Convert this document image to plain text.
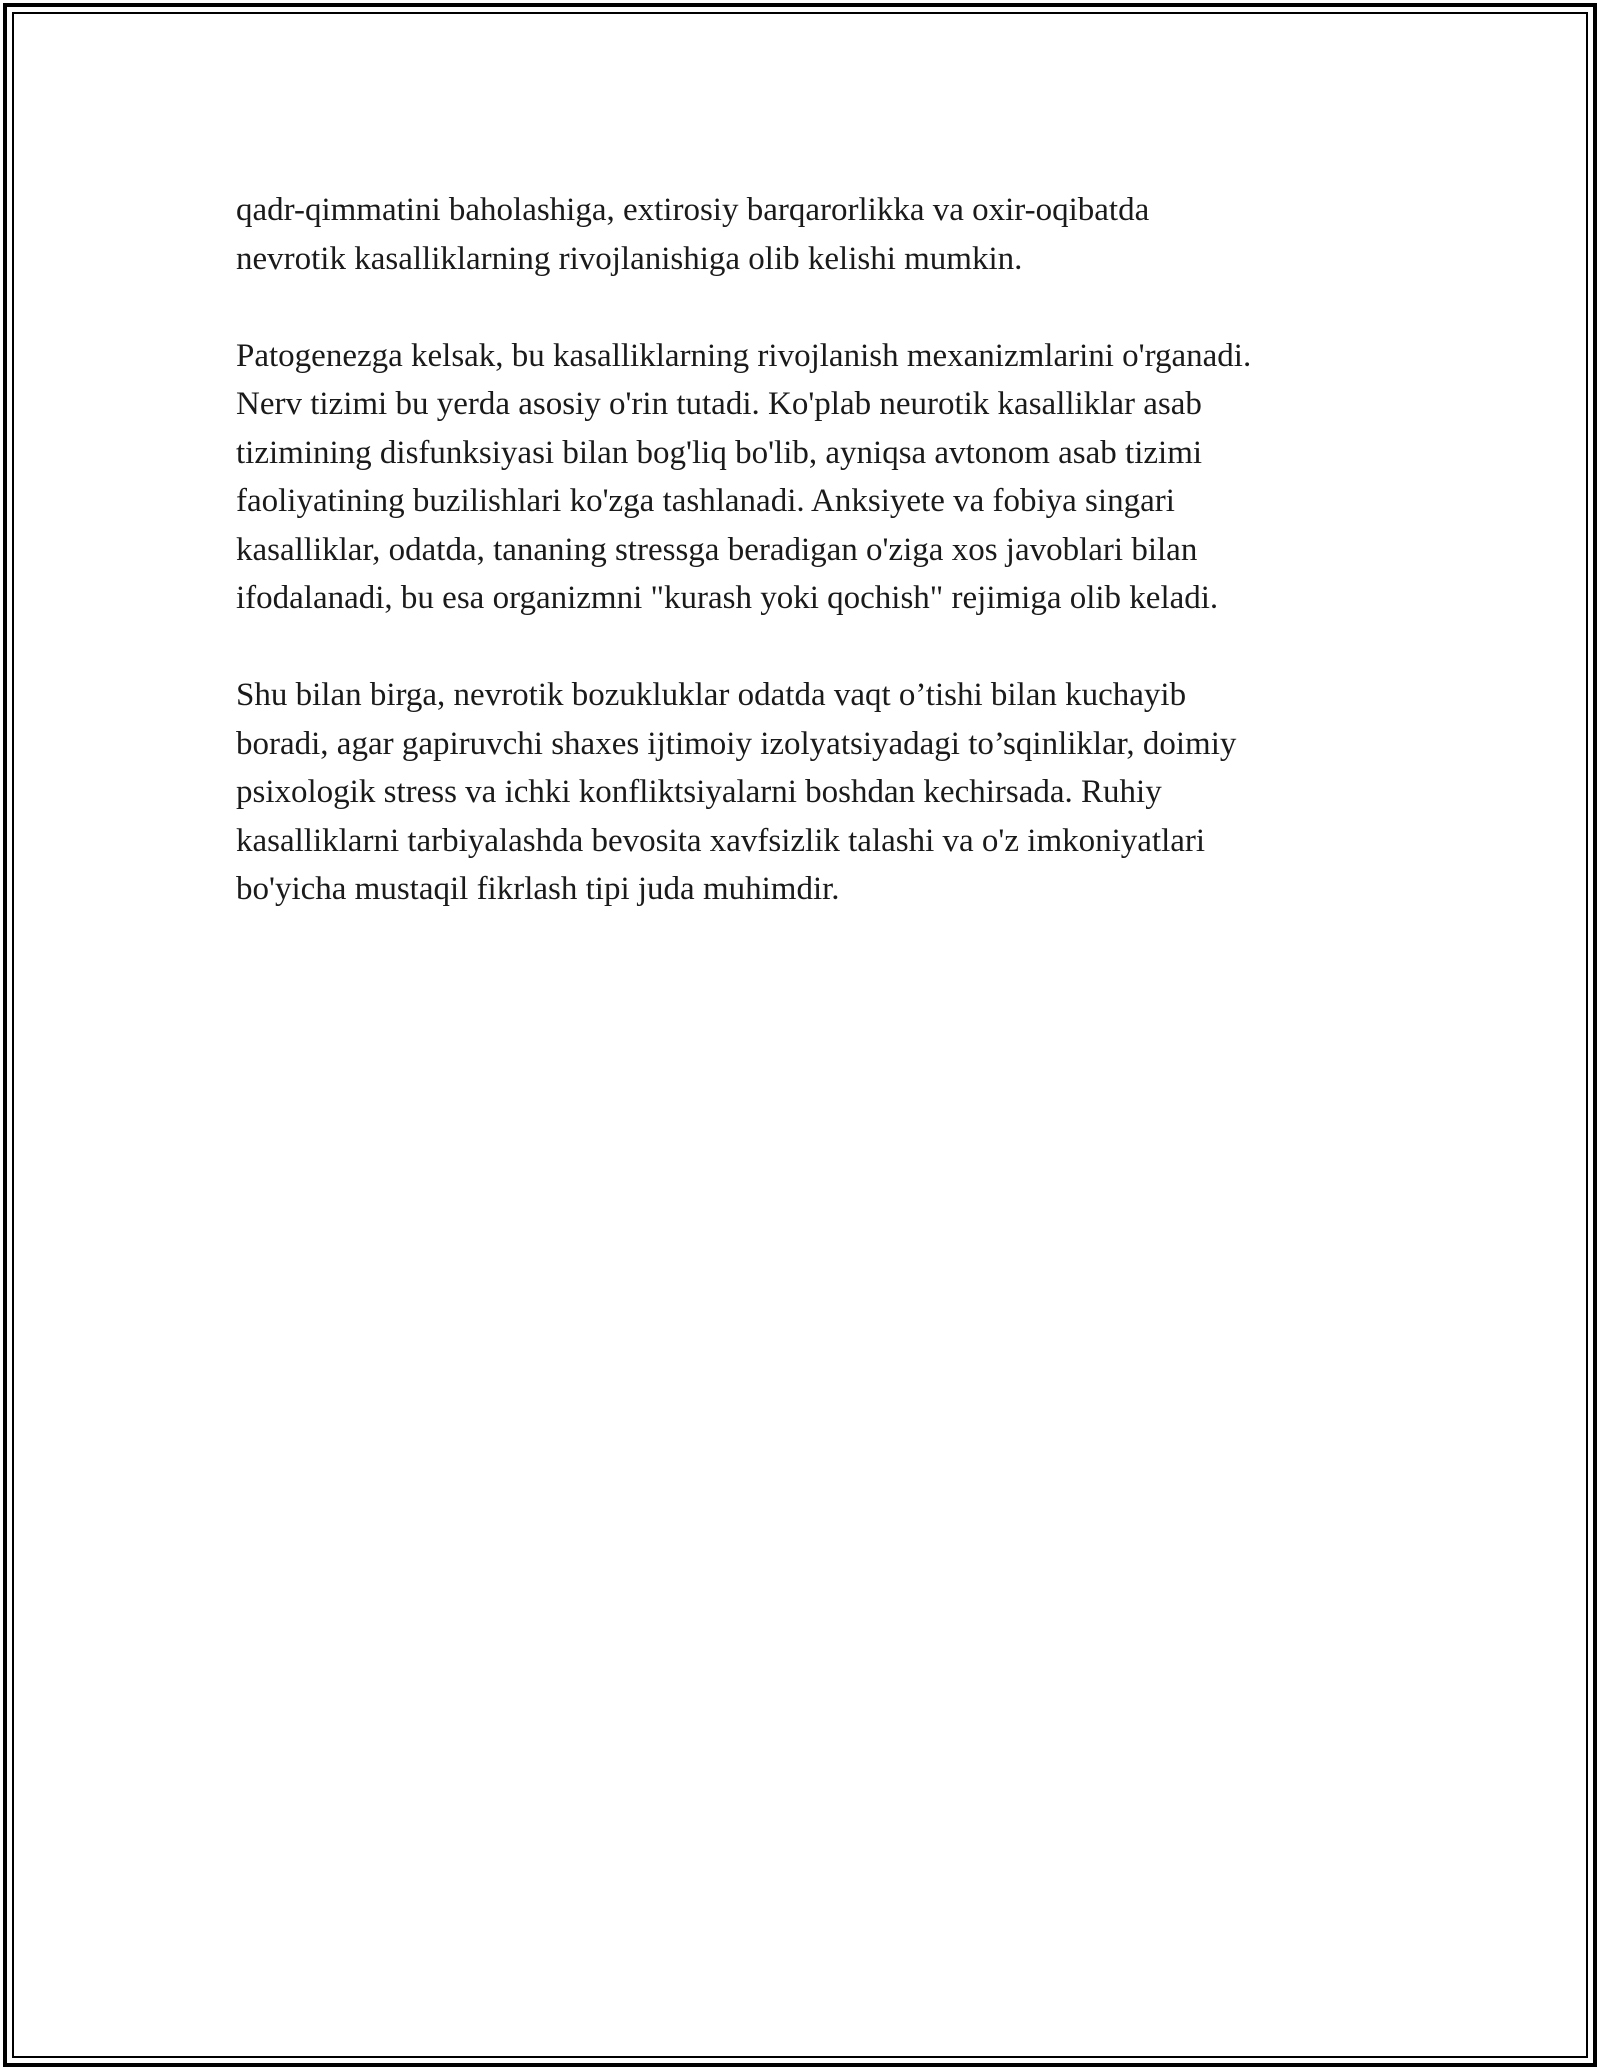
qadr-qimmatini baholashiga, extirosiy barqarorlikka va oxir-oqibatda
nevrotik kasalliklarning rivojlanishiga olib kelishi mumkin.

Patogenezga kelsak, bu kasalliklarning rivojlanish mexanizmlarini o'rganadi.
Nerv tizimi bu yerda asosiy o'rin tutadi. Ko'plab neurotik kasalliklar asab
tizimining disfunksiyasi bilan bog'liq bo'lib, ayniqsa avtonom asab tizimi
faoliyatining buzilishlari ko'zga tashlanadi. Anksiyete va fobiya singari
kasalliklar, odatda, tananing stressga beradigan o'ziga xos javoblari bilan
ifodalanadi, bu esa organizmni "kurash yoki qochish" rejimiga olib keladi.

Shu bilan birga, nevrotik bozukluklar odatda vaqt o’tishi bilan kuchayib
boradi, agar gapiruvchi shaxes ijtimoiy izolyatsiyadagi to’sqinliklar, doimiy
psixologik stress va ichki konfliktsiyalarni boshdan kechirsada. Ruhiy
kasalliklarni tarbiyalashda bevosita xavfsizlik talashi va o'z imkoniyatlari
bo'yicha mustaqil fikrlash tipi juda muhimdir.
